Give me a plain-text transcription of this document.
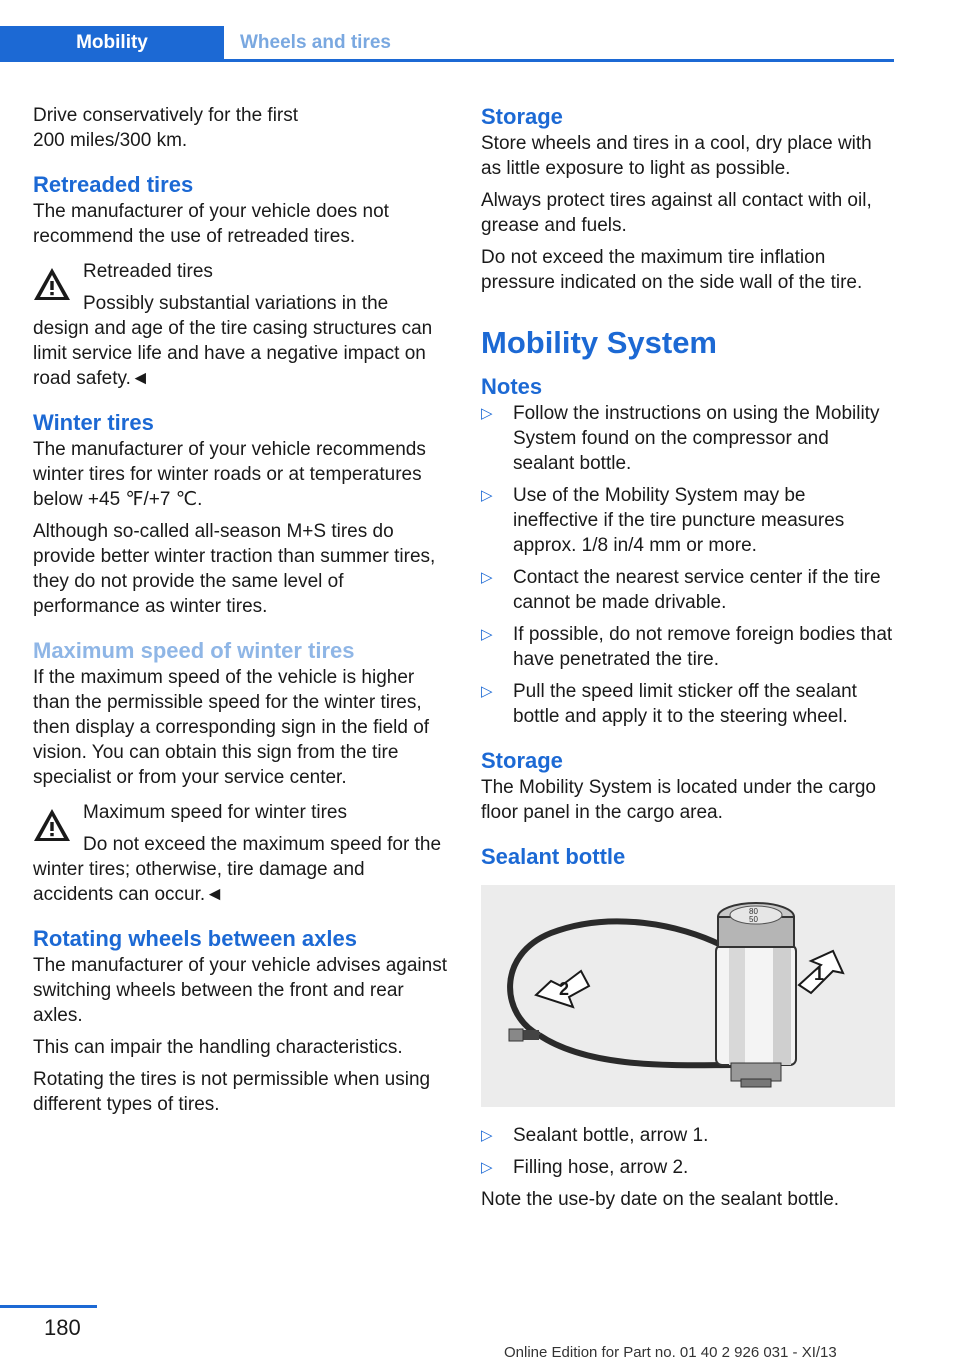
Mobility	Wheels and tires

Drive conservatively for the first 200 miles/300 km.

Retreaded tires

The manufacturer of your vehicle does not recommend the use of retreaded tires.

Retreaded tires

Possibly substantial variations in the design and age of the tire casing structures can limit service life and have a negative impact on road safety.◄

Winter tires

The manufacturer of your vehicle recommends winter tires for winter roads or at temperatures below +45 ℉/+7 ℃.

Although so-called all-season M+S tires do provide better winter traction than summer tires, they do not provide the same level of performance as winter tires.

Maximum speed of winter tires

If the maximum speed of the vehicle is higher than the permissible speed for the winter tires, then display a corresponding sign in the field of vision. You can obtain this sign from the tire specialist or from your service center.

Maximum speed for winter tires

Do not exceed the maximum speed for the winter tires; otherwise, tire damage and accidents can occur.◄

Rotating wheels between axles

The manufacturer of your vehicle advises against switching wheels between the front and rear axles.

This can impair the handling characteristics.

Rotating the tires is not permissible when using different types of tires.

Storage

Store wheels and tires in a cool, dry place with as little exposure to light as possible.

Always protect tires against all contact with oil, grease and fuels.

Do not exceed the maximum tire inflation pressure indicated on the side wall of the tire.

Mobility System
Notes
▷ Follow the instructions on using the Mobility System found on the compressor and sealant bottle.
▷ Use of the Mobility System may be ineffective if the tire puncture measures approx. 1/8 in/4 mm or more.
▷ Contact the nearest service center if the tire cannot be made drivable.
▷ If possible, do not remove foreign bodies that have penetrated the tire.
▷ Pull the speed limit sticker off the sealant bottle and apply it to the steering wheel.
Storage

The Mobility System is located under the cargo floor panel in the cargo area.

Sealant bottle
80
50
1
2
▷ Sealant bottle, arrow 1.
▷ Filling hose, arrow 2.

Note the use-by date on the sealant bottle.

180
Online Edition for Part no. 01 40 2 926 031 - XI/13
